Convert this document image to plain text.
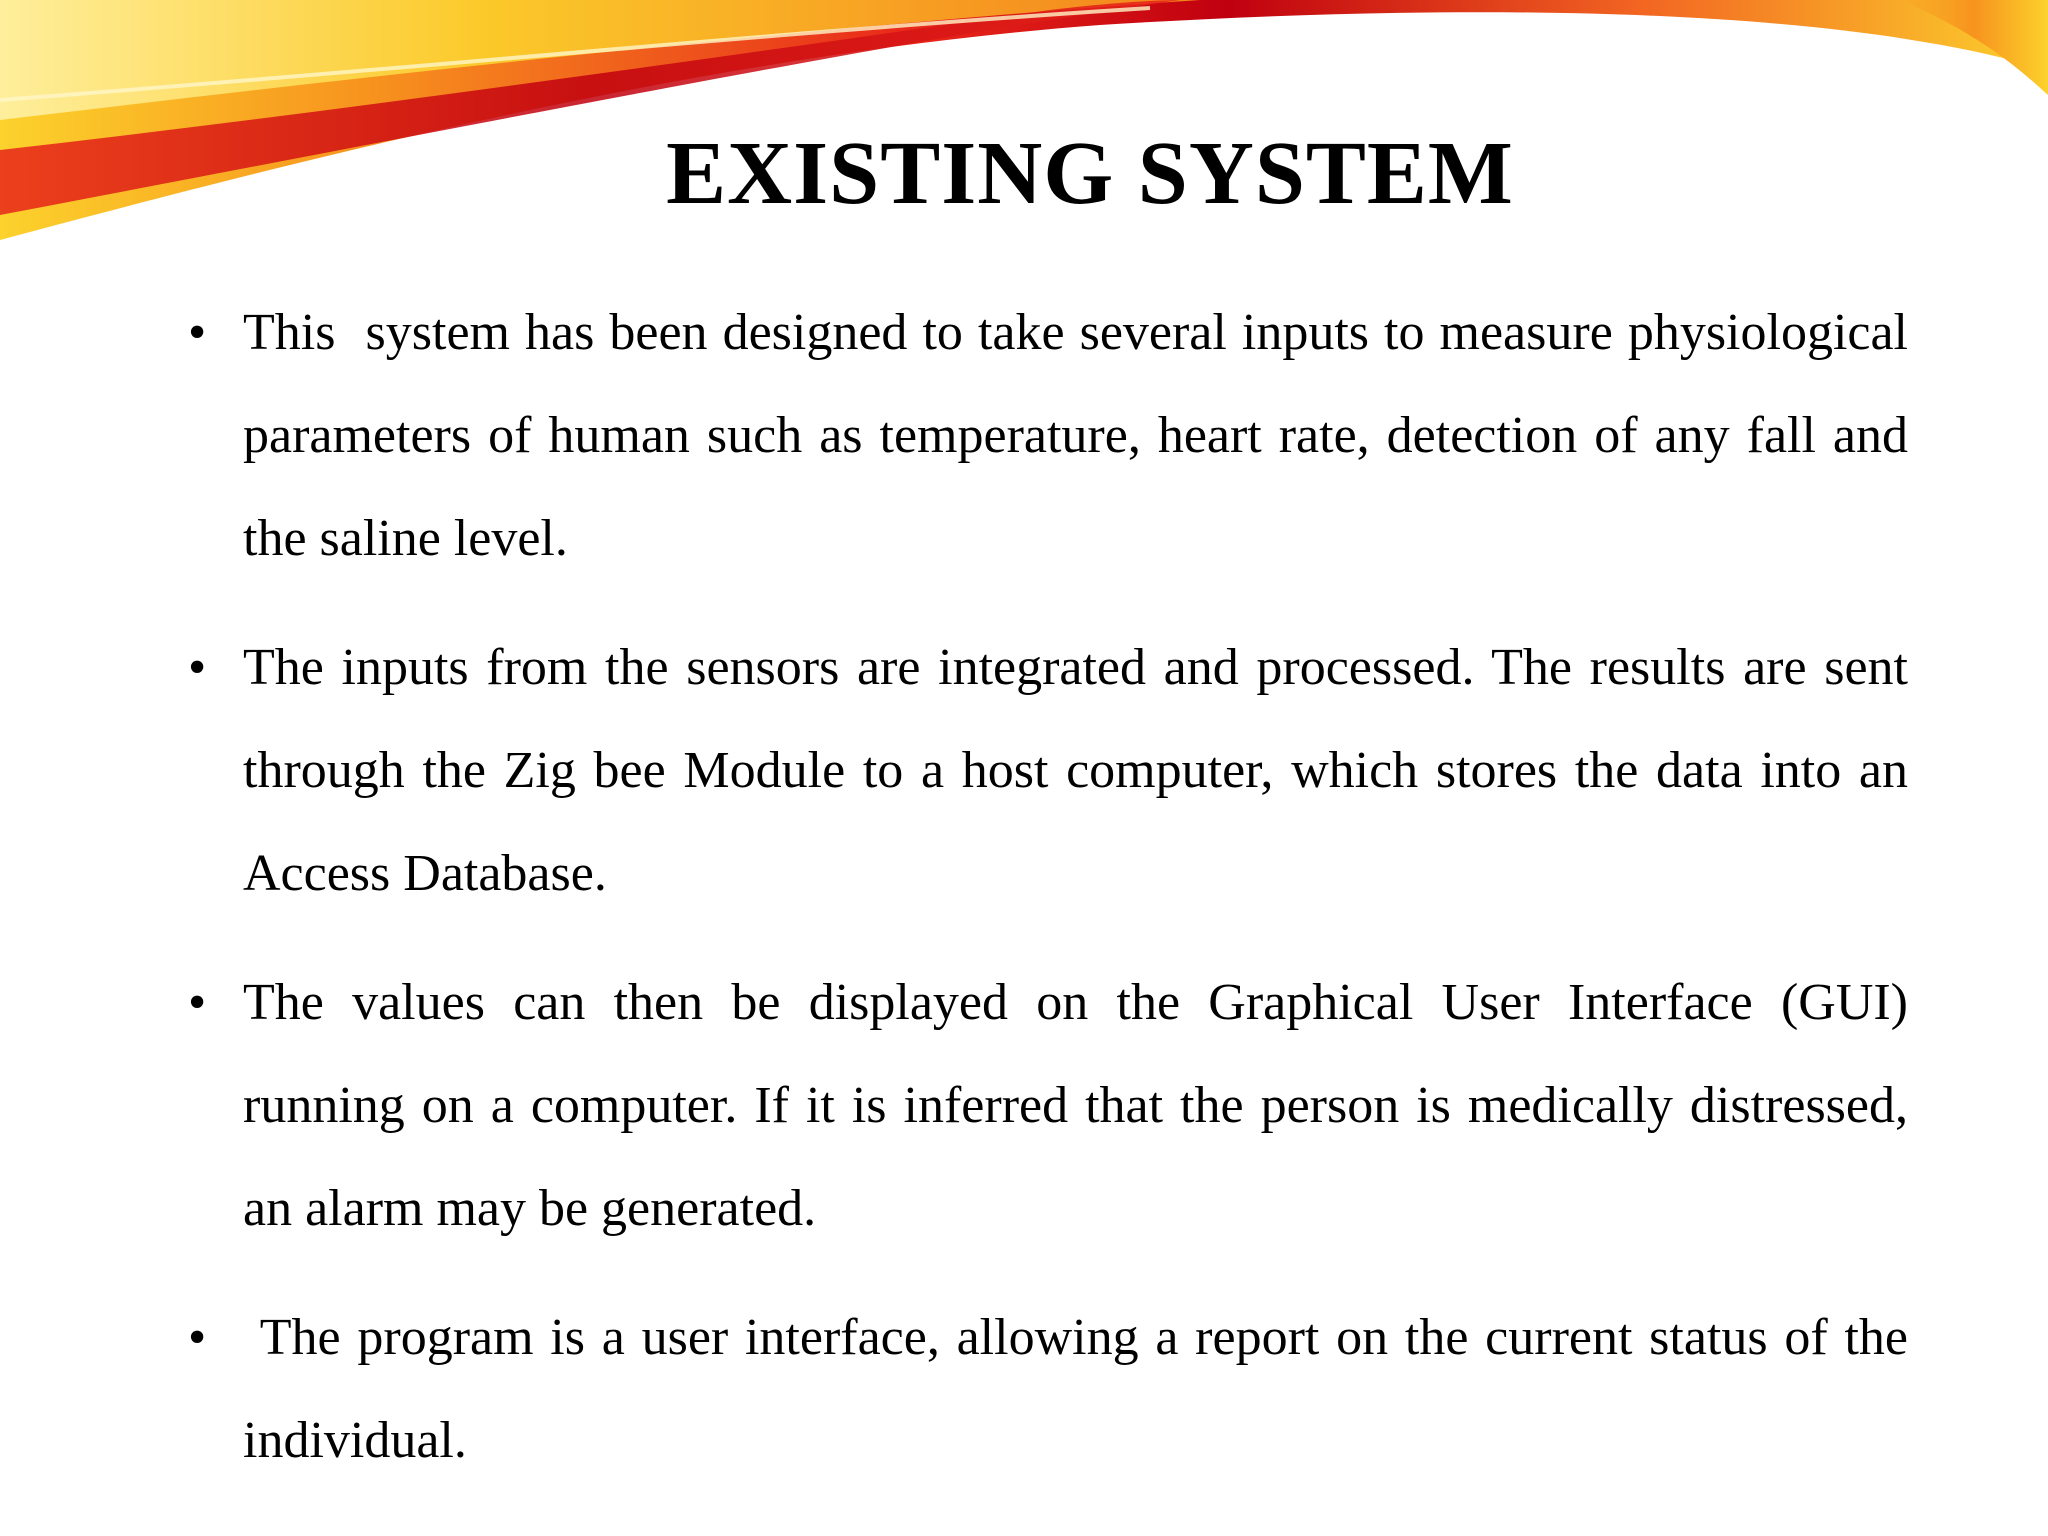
EXISTING SYSTEM
• This  system has been designed to take several inputs to measure physiological parameters of human such as temperature, heart rate, detection of any fall and the saline level.

• The inputs from the sensors are integrated and processed. The results are sent through the Zig bee Module to a host computer, which stores the data into an Access Database.

• The values can then be displayed on the Graphical User Interface (GUI) running on a computer. If it is inferred that the person is medically distressed, an alarm may be generated.

• The program is a user interface, allowing a report on the current status of the individual.
